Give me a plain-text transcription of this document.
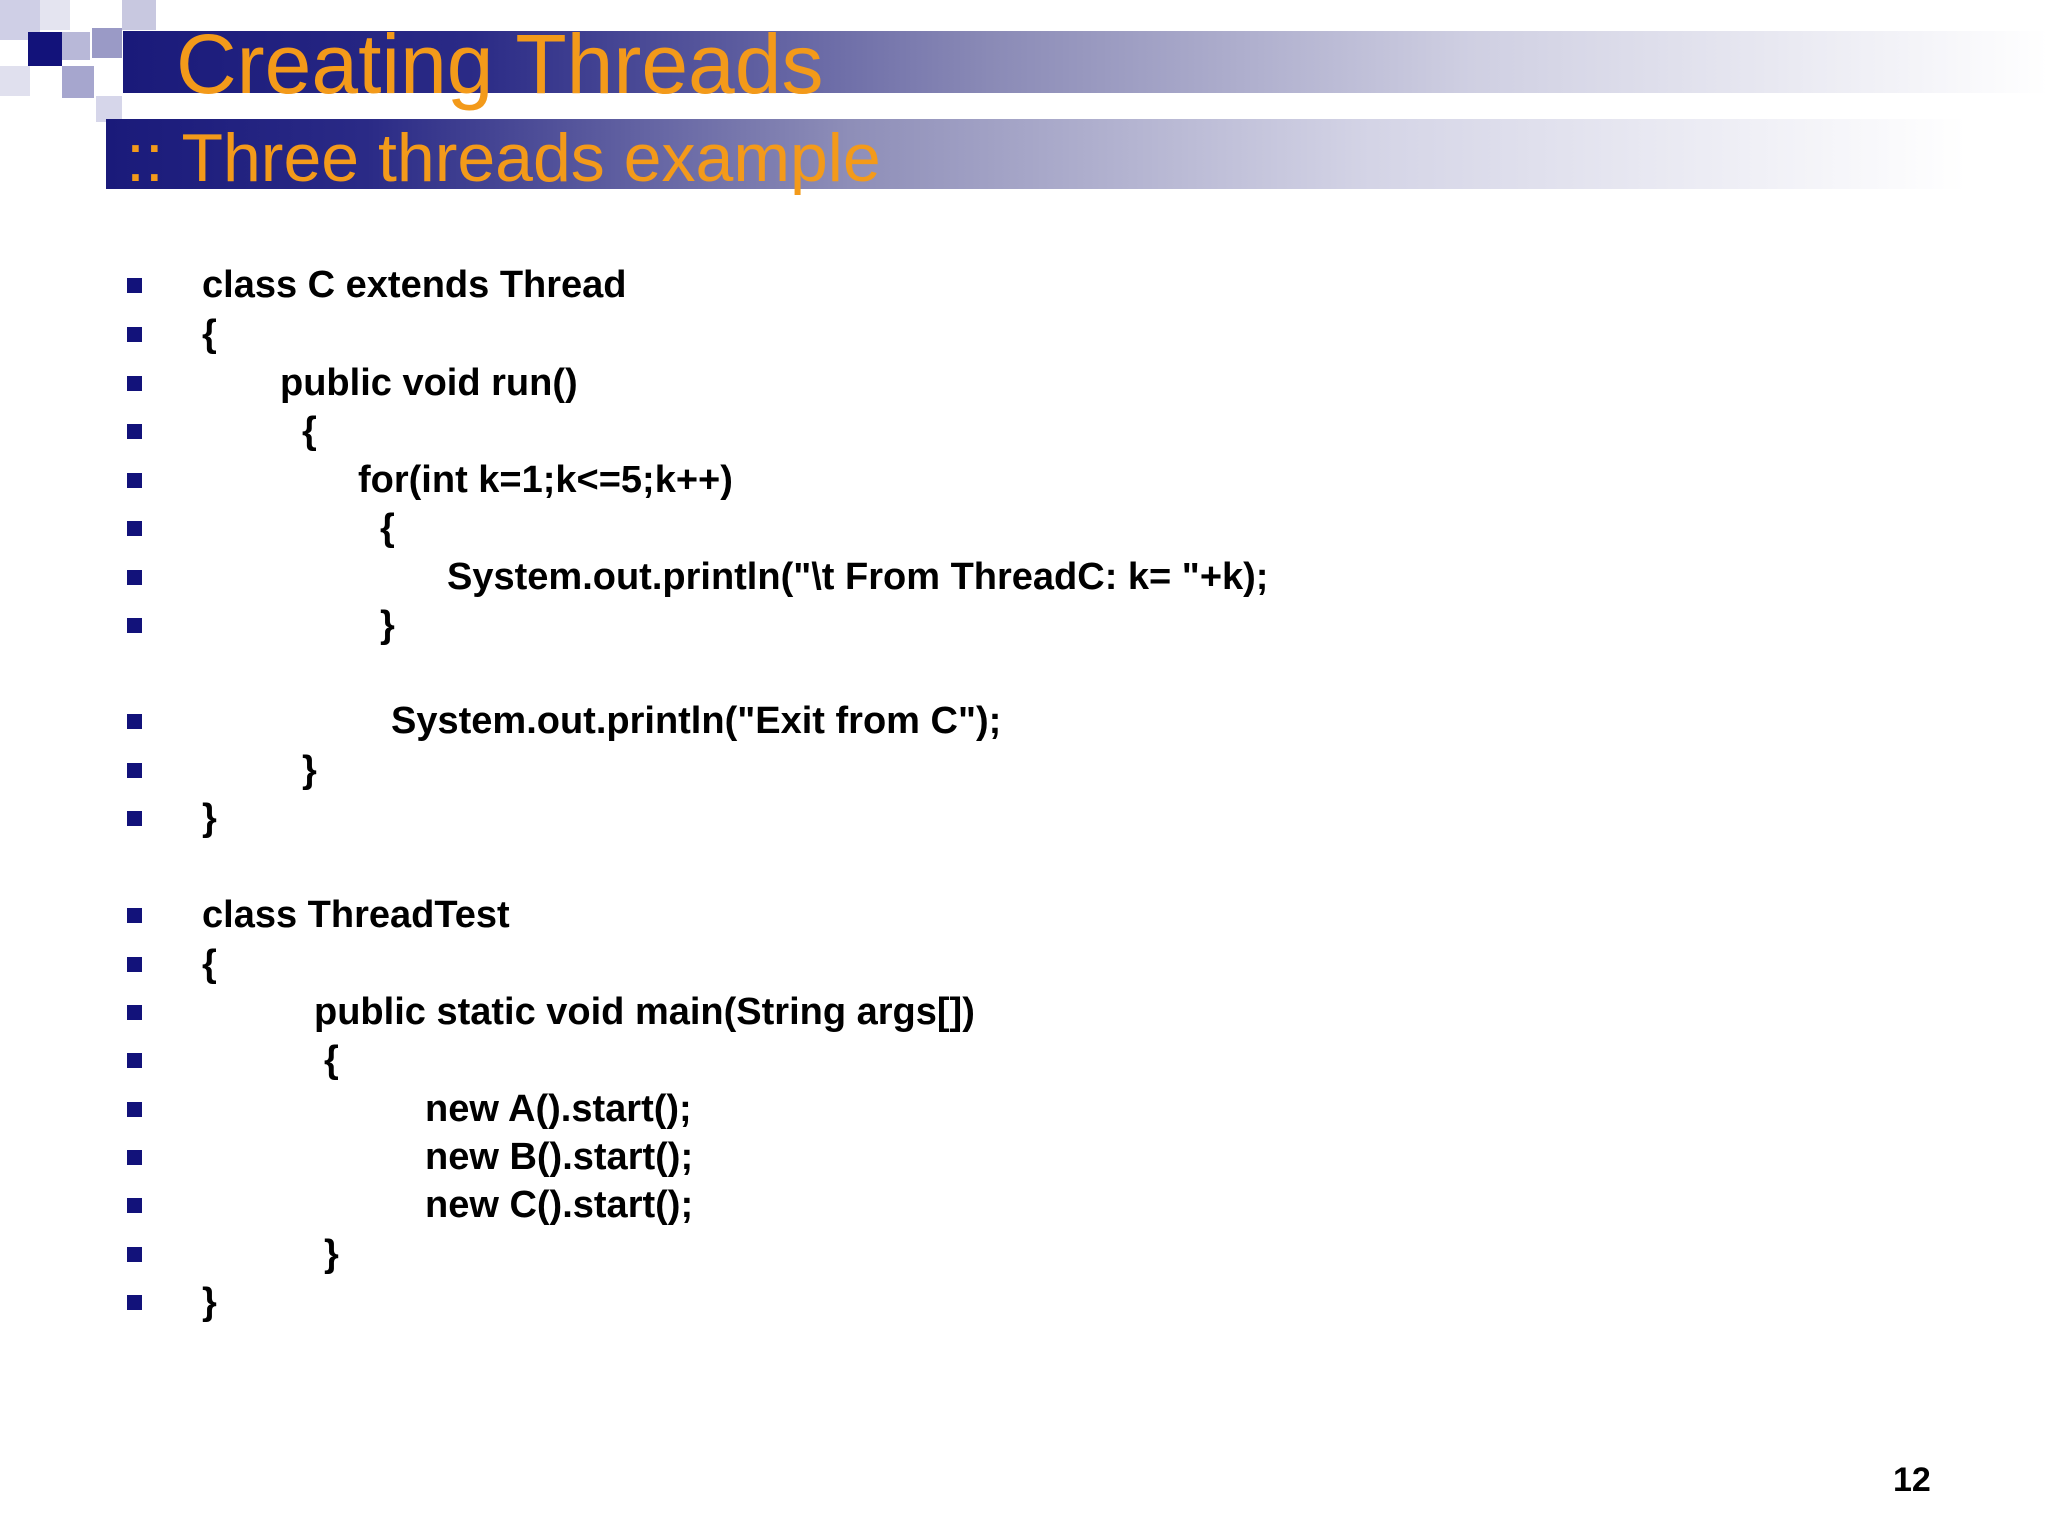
Creating Threads
:: Three threads example
class C extends Thread
{
public void run()
{
for(int k=1;k<=5;k++)
{
System.out.println("\t From ThreadC: k= "+k);
}
System.out.println("Exit from C");
}
}
class ThreadTest
{
public static void main(String args[])
{
new A().start();
new B().start();
new C().start();
}
}
12
